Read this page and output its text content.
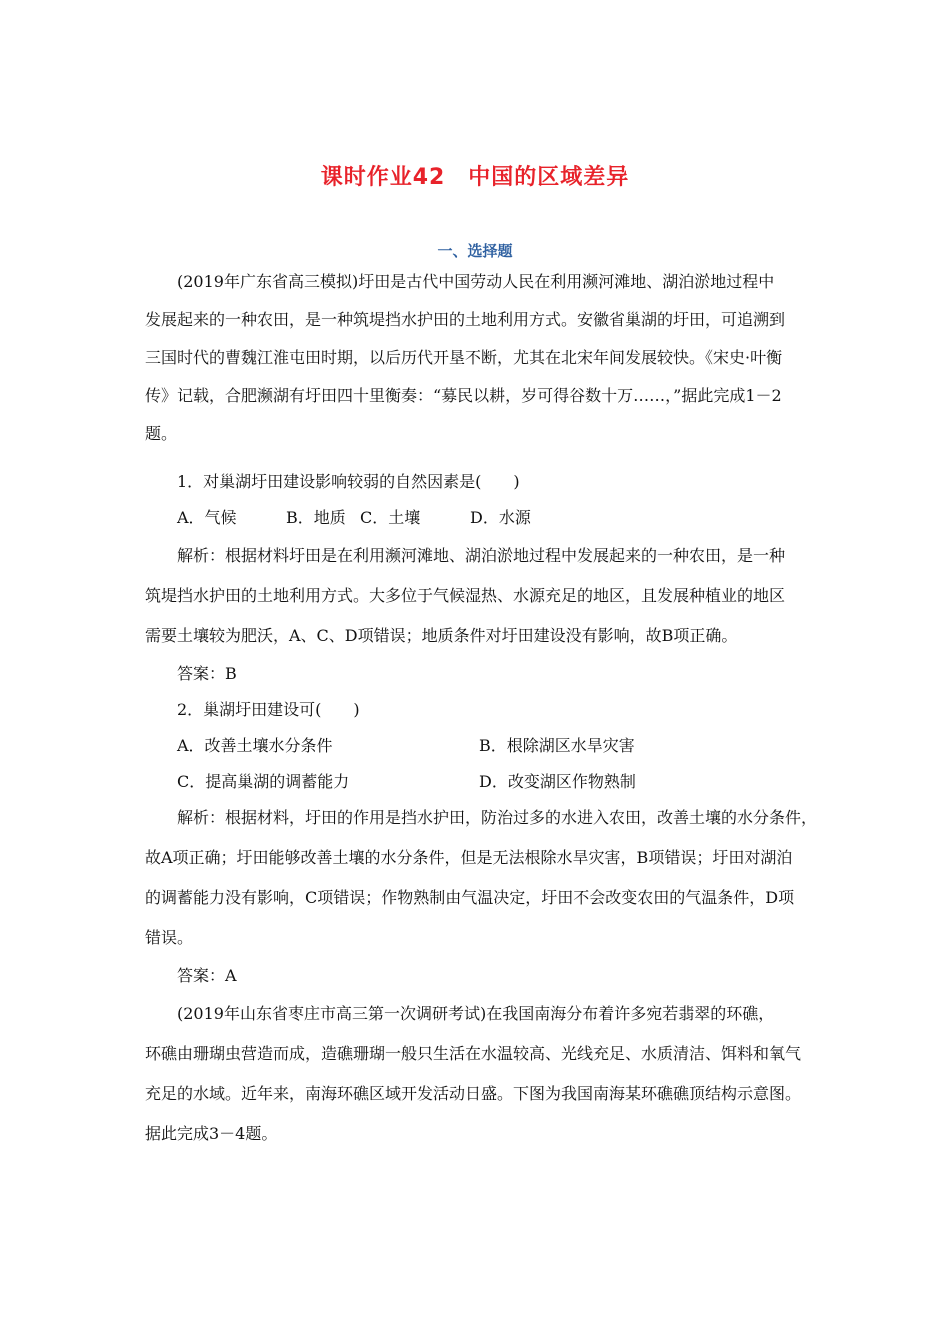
课时作业42　中国的区域差异
一、选择题
(2019年广东省高三模拟)圩田是古代中国劳动人民在利用濒河滩地、湖泊淤地过程中
发展起来的一种农田，是一种筑堤挡水护田的土地利用方式。安徽省巢湖的圩田，可追溯到
三国时代的曹魏江淮屯田时期，以后历代开垦不断，尤其在北宋年间发展较快。《宋史·叶衡
传》记载，合肥濒湖有圩田四十里衡奏：“募民以耕，岁可得谷数十万……，”据此完成1－2
题。
1．对巢湖圩田建设影响较弱的自然因素是(　　)
A．气候	B．地质 C．土壤	D．水源
解析：根据材料圩田是在利用濒河滩地、湖泊淤地过程中发展起来的一种农田，是一种
筑堤挡水护田的土地利用方式。大多位于气候湿热、水源充足的地区，且发展种植业的地区
需要土壤较为肥沃，A、C、D项错误；地质条件对圩田建设没有影响，故B项正确。
答案：B
2．巢湖圩田建设可(　　)
A．改善土壤水分条件	B．根除湖区水旱灾害
C．提高巢湖的调蓄能力	D．改变湖区作物熟制
解析：根据材料，圩田的作用是挡水护田，防治过多的水进入农田，改善土壤的水分条件，
故A项正确；圩田能够改善土壤的水分条件，但是无法根除水旱灾害，B项错误；圩田对湖泊
的调蓄能力没有影响，C项错误；作物熟制由气温决定，圩田不会改变农田的气温条件，D项
错误。
答案：A
(2019年山东省枣庄市高三第一次调研考试)在我国南海分布着许多宛若翡翠的环礁，
环礁由珊瑚虫营造而成，造礁珊瑚一般只生活在水温较高、光线充足、水质清洁、饵料和氧气
充足的水域。近年来，南海环礁区域开发活动日盛。下图为我国南海某环礁礁顶结构示意图。
据此完成3－4题。
